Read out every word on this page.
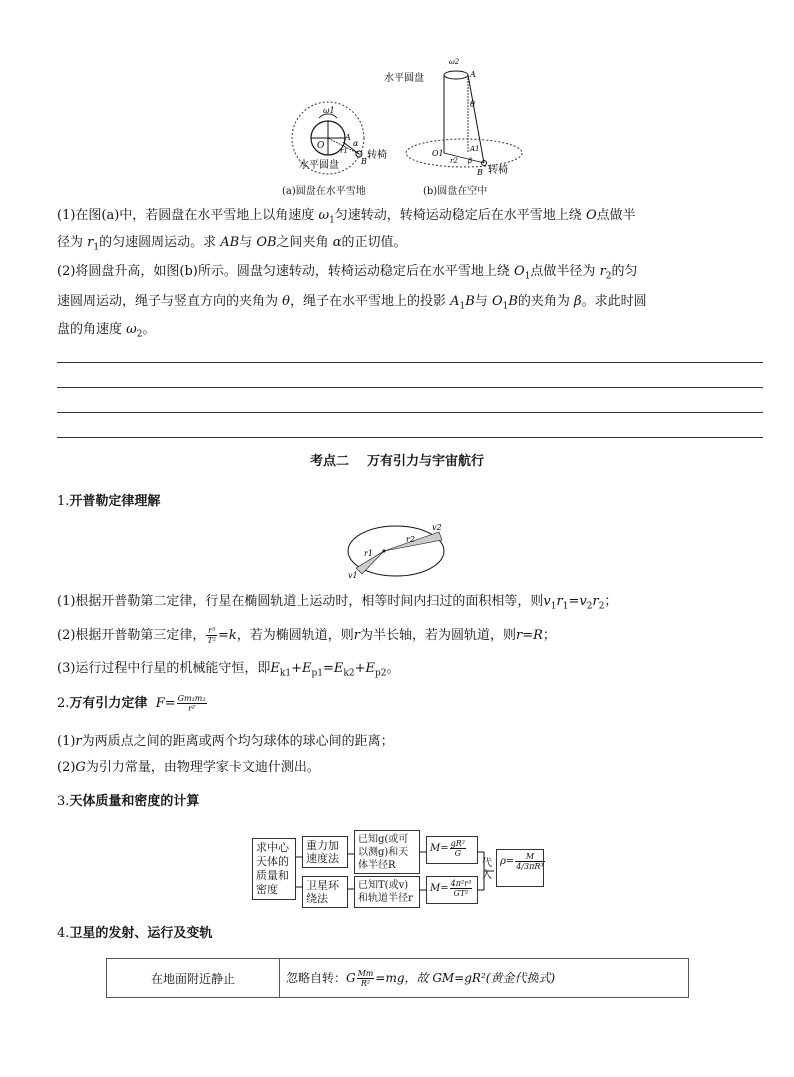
ω1
O
A
B
r1
α
水平圆盘
转椅
ω2
A
θ
O1	A1
r2 β
B
水平圆盘
转椅
(a)圆盘在水平雪地	(b)圆盘在空中
(1)在图(a)中，若圆盘在水平雪地上以角速度 $\omega_1$匀速转动，转椅运动稳定后在水平雪地上绕 O点做半
径为 $r_1$的匀速圆周运动。求 AB与 OB之间夹角 α的正切值。
(2)将圆盘升高，如图(b)所示。圆盘匀速转动，转椅运动稳定后在水平雪地上绕 $O_1$点做半径为 $r_2$的匀
速圆周运动，绳子与竖直方向的夹角为 θ，绳子在水平雪地上的投影 $A_1B$与 $O_1B$的夹角为 β。求此时圆
盘的角速度 $\omega_2$。
考点二    万有引力与宇宙航行
1.开普勒定律理解
r1
r2
v1
v2
(1)根据开普勒第二定律，行星在椭圆轨道上运动时，相等时间内扫过的面积相等，则$v_1r_1=v_2r_2$；
(2)根据开普勒第三定律， $\frac{\text{r³}}{\text{T²}} =k$，若为椭圆轨道，则r为半长轴，若为圆轨道，则r=R；
(3)运行过程中行星的机械能守恒，即$E_{k1}+E_{p1}=E_{k2}+E_{p2}$。
2.万有引力定律 $F= \frac{\text{Gm₁m₂}}{\text{r²}}$
(1)r为两质点之间的距离或两个均匀球体的球心间的距离；
(2)G为引力常量，由物理学家卡文迪什测出。
3.天体质量和密度的计算
求中心天体的质量和密度
重力加速度法
卫星环绕法
已知g(或可以测g)和天体半径R
已知T(或v)和轨道半径r
$M= \frac{\text{gR²}}{G}$
$M= \frac{\text{4π²r³}}{\text{GT²}}$
代入
$\rho= \frac{M}{\text{4/3πR³}}$
4.卫星的发射、运行及变轨
在地面附近静止	忽略自转：G $\frac{Mm}{\text{R²}} =mg$，故 GM=gR²(黄金代换式)
